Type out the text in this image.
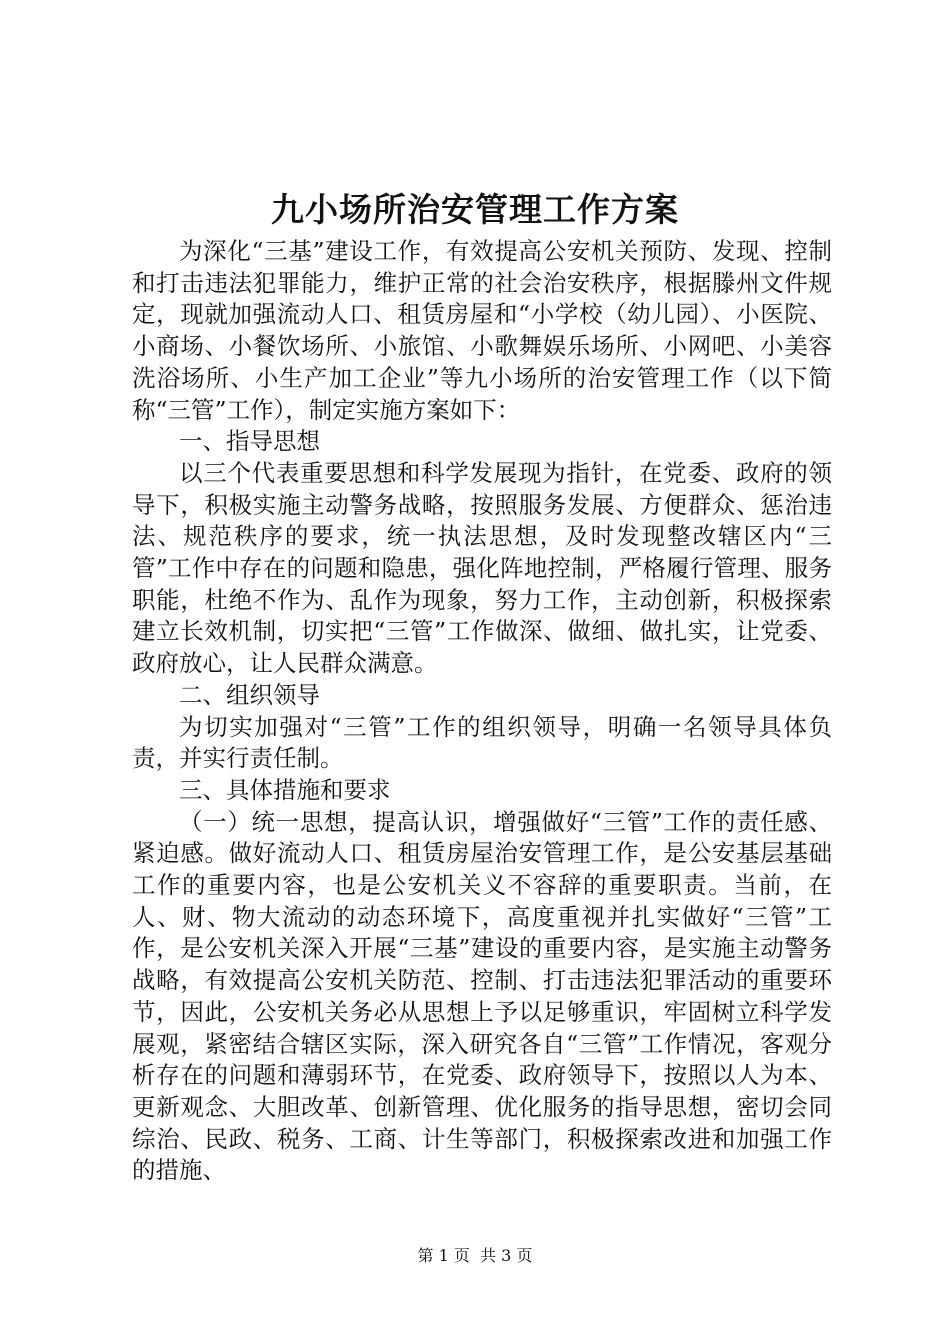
九小场所治安管理工作方案

为深化“三基”建设工作，有效提高公安机关预防、发现、控制和打击违法犯罪能力，维护正常的社会治安秩序，根据滕州文件规定，现就加强流动人口、租赁房屋和“小学校（幼儿园）、小医院、小商场、小餐饮场所、小旅馆、小歌舞娱乐场所、小网吧、小美容洗浴场所、小生产加工企业”等九小场所的治安管理工作（以下简称“三管”工作），制定实施方案如下：

一、指导思想

以三个代表重要思想和科学发展现为指针，在党委、政府的领导下，积极实施主动警务战略，按照服务发展、方便群众、惩治违法、规范秩序的要求，统一执法思想，及时发现整改辖区内“三管”工作中存在的问题和隐患，强化阵地控制，严格履行管理、服务职能，杜绝不作为、乱作为现象，努力工作，主动创新，积极探索建立长效机制，切实把“三管”工作做深、做细、做扎实，让党委、政府放心，让人民群众满意。

二、组织领导

为切实加强对“三管”工作的组织领导，明确一名领导具体负责，并实行责任制。

三、具体措施和要求

（一）统一思想，提高认识，增强做好“三管”工作的责任感、紧迫感。做好流动人口、租赁房屋治安管理工作，是公安基层基础工作的重要内容，也是公安机关义不容辞的重要职责。当前，在人、财、物大流动的动态环境下，高度重视并扎实做好“三管”工作，是公安机关深入开展“三基”建设的重要内容，是实施主动警务战略，有效提高公安机关防范、控制、打击违法犯罪活动的重要环节，因此，公安机关务必从思想上予以足够重识，牢固树立科学发展观，紧密结合辖区实际，深入研究各自“三管”工作情况，客观分析存在的问题和薄弱环节，在党委、政府领导下，按照以人为本、更新观念、大胆改革、创新管理、优化服务的指导思想，密切会同综治、民政、税务、工商、计生等部门，积极探索改进和加强工作的措施、

第 1 页  共 3 页
